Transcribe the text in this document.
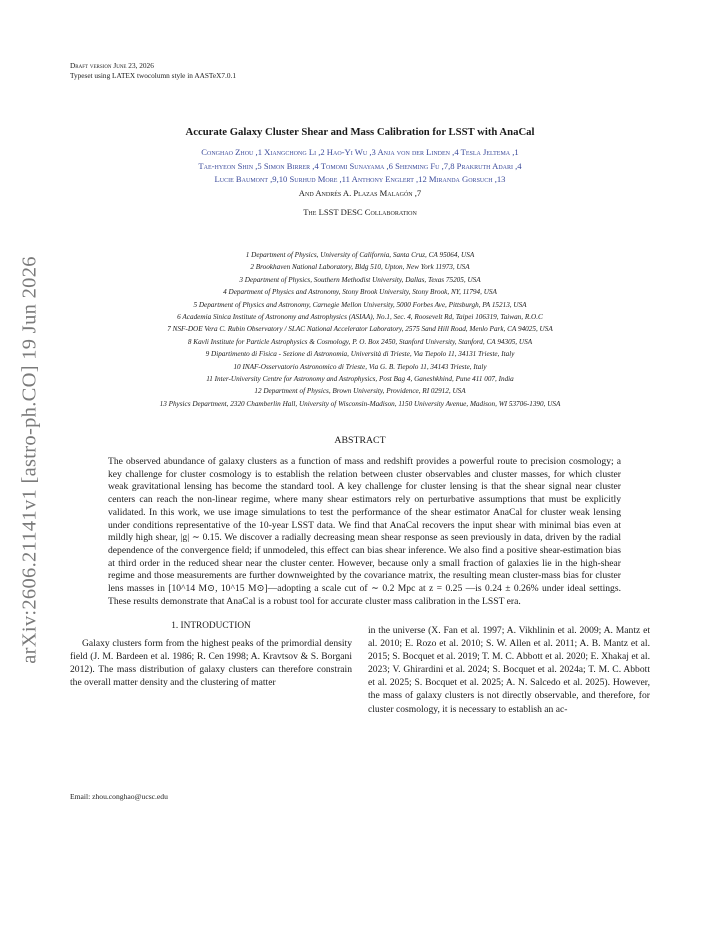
arXiv:2606.21141v1 [astro-ph.CO] 19 Jun 2026
Draft version June 23, 2026
Typeset using LATEX twocolumn style in AASTeX7.0.1
Accurate Galaxy Cluster Shear and Mass Calibration for LSST with AnaCal
Conghao Zhou ,1 Xiangchong Li ,2 Hao-Yi Wu ,3 Anja von der Linden ,4 Tesla Jeltema ,1
Tae-hyeon Shin ,5 Simon Birrer ,4 Tomomi Sunayama ,6 Shenming Fu ,7,8 Prakruth Adari ,4
Lucie Baumont ,9,10 Surhud More ,11 Anthony Englert ,12 Miranda Gorsuch ,13
And Andrés A. Plazas Malagón ,7
The LSST DESC Collaboration
1 Department of Physics, University of California, Santa Cruz, CA 95064, USA
2 Brookhaven National Laboratory, Bldg 510, Upton, New York 11973, USA
3 Department of Physics, Southern Methodist University, Dallas, Texas 75205, USA
4 Department of Physics and Astronomy, Stony Brook University, Stony Brook, NY, 11794, USA
5 Department of Physics and Astronomy, Carnegie Mellon University, 5000 Forbes Ave, Pittsburgh, PA 15213, USA
6 Academia Sinica Institute of Astronomy and Astrophysics (ASIAA), No.1, Sec. 4, Roosevelt Rd, Taipei 106319, Taiwan, R.O.C
7 NSF-DOE Vera C. Rubin Observatory / SLAC National Accelerator Laboratory, 2575 Sand Hill Road, Menlo Park, CA 94025, USA
8 Kavli Institute for Particle Astrophysics & Cosmology, P. O. Box 2450, Stanford University, Stanford, CA 94305, USA
9 Dipartimento di Fisica - Sezione di Astronomia, Università di Trieste, Via Tiepolo 11, 34131 Trieste, Italy
10 INAF-Osservatorio Astronomico di Trieste, Via G. B. Tiepolo 11, 34143 Trieste, Italy
11 Inter-University Centre for Astronomy and Astrophysics, Post Bag 4, Ganeshkhind, Pune 411 007, India
12 Department of Physics, Brown University, Providence, RI 02912, USA
13 Physics Department, 2320 Chamberlin Hall, University of Wisconsin-Madison, 1150 University Avenue, Madison, WI 53706-1390, USA
ABSTRACT
The observed abundance of galaxy clusters as a function of mass and redshift provides a powerful route to precision cosmology; a key challenge for cluster cosmology is to establish the relation between cluster observables and cluster masses, for which cluster weak gravitational lensing has become the standard tool. A key challenge for cluster lensing is that the shear signal near cluster centers can reach the non-linear regime, where many shear estimators rely on perturbative assumptions that must be explicitly validated. In this work, we use image simulations to test the performance of the shear estimator AnaCal for cluster weak lensing under conditions representative of the 10-year LSST data. We find that AnaCal recovers the input shear with minimal bias even at mildly high shear, |g| ∼ 0.15. We discover a radially decreasing mean shear response as seen previously in data, driven by the radial dependence of the convergence field; if unmodeled, this effect can bias shear inference. We also find a positive shear-estimation bias at third order in the reduced shear near the cluster center. However, because only a small fraction of galaxies lie in the high-shear regime and those measurements are further downweighted by the covariance matrix, the resulting mean cluster-mass bias for cluster lens masses in [10^14 M⊙, 10^15 M⊙]—adopting a scale cut of ∼ 0.2 Mpc at z = 0.25 —is 0.24 ± 0.26% under ideal settings. These results demonstrate that AnaCal is a robust tool for accurate cluster mass calibration in the LSST era.
1. INTRODUCTION
Galaxy clusters form from the highest peaks of the primordial density field (J. M. Bardeen et al. 1986; R. Cen 1998; A. Kravtsov & S. Borgani 2012). The mass distribution of galaxy clusters can therefore constrain the overall matter density and the clustering of matter
in the universe (X. Fan et al. 1997; A. Vikhlinin et al. 2009; A. Mantz et al. 2010; E. Rozo et al. 2010; S. W. Allen et al. 2011; A. B. Mantz et al. 2015; S. Bocquet et al. 2019; T. M. C. Abbott et al. 2020; E. Xhakaj et al. 2023; V. Ghirardini et al. 2024; S. Bocquet et al. 2024a; T. M. C. Abbott et al. 2025; S. Bocquet et al. 2025; A. N. Salcedo et al. 2025). However, the mass of galaxy clusters is not directly observable, and therefore, for cluster cosmology, it is necessary to establish an ac-
Email: zhou.conghao@ucsc.edu
